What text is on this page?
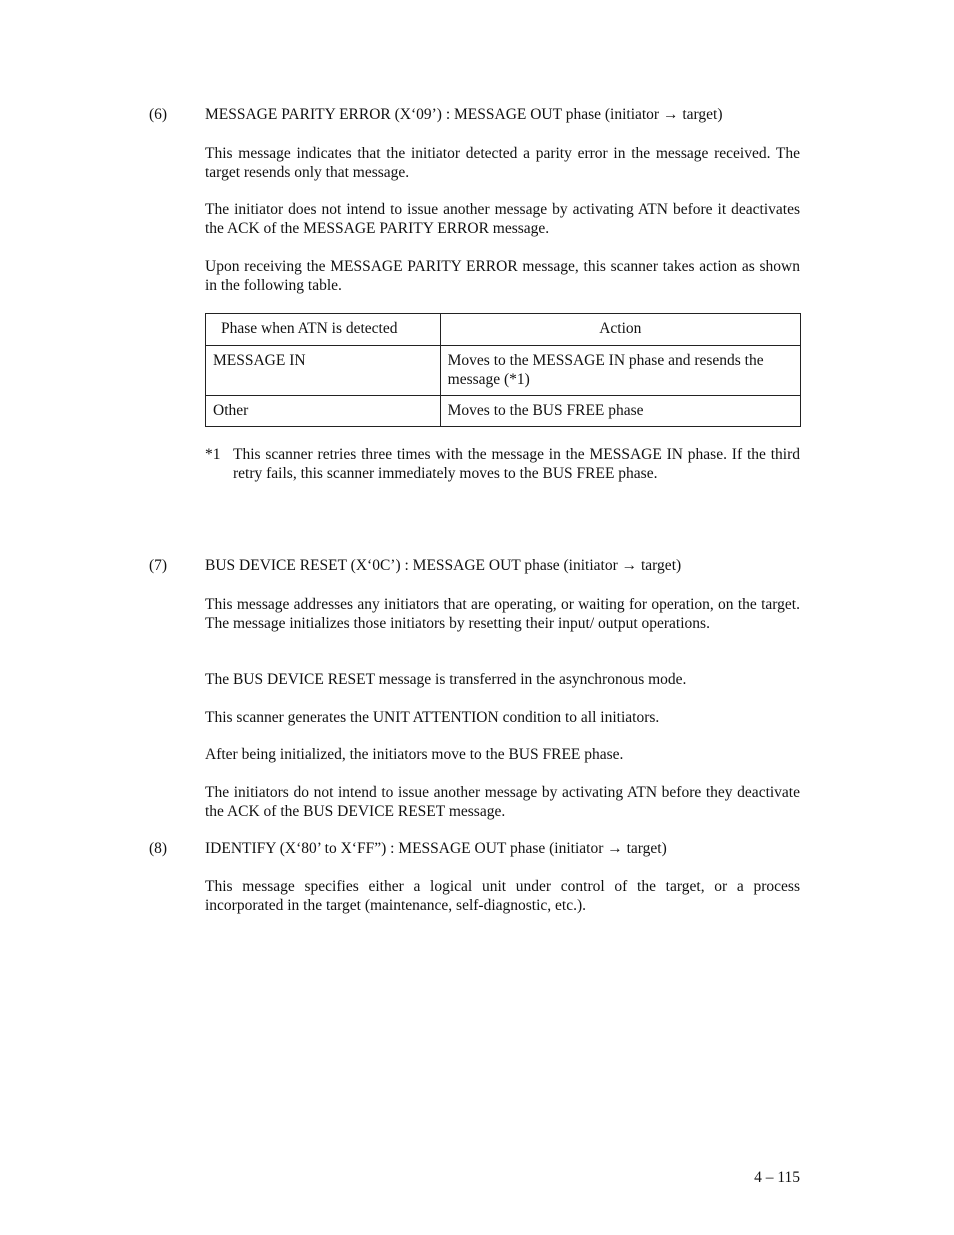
(6) MESSAGE PARITY ERROR (X‘09’) : MESSAGE OUT phase (initiator → target)

This message indicates that the initiator detected a parity error in the message received. The target resends only that message.

The initiator does not intend to issue another message by activating ATN before it deactivates the ACK of the MESSAGE PARITY ERROR message.

Upon receiving the MESSAGE PARITY ERROR message, this scanner takes action as shown in the following table.

Phase when ATN is detected	Action
MESSAGE IN	Moves to the MESSAGE IN phase and resends the message (*1)
Other	Moves to the BUS FREE phase
*1 This scanner retries three times with the message in the MESSAGE IN phase. If the third retry fails, this scanner immediately moves to the BUS FREE phase.

(7) BUS DEVICE RESET (X‘0C’) : MESSAGE OUT phase (initiator → target)

This message addresses any initiators that are operating, or waiting for operation, on the target. The message initializes those initiators by resetting their input/ output operations.

The BUS DEVICE RESET message is transferred in the asynchronous mode.

This scanner generates the UNIT ATTENTION condition to all initiators.

After being initialized, the initiators move to the BUS FREE phase.

The initiators do not intend to issue another message by activating ATN before they deactivate the ACK of the BUS DEVICE RESET message.

(8) IDENTIFY (X‘80’ to X‘FF”) : MESSAGE OUT phase (initiator → target)

This message specifies either a logical unit under control of the target, or a process incorporated in the target (maintenance, self-diagnostic, etc.).

4 – 115
